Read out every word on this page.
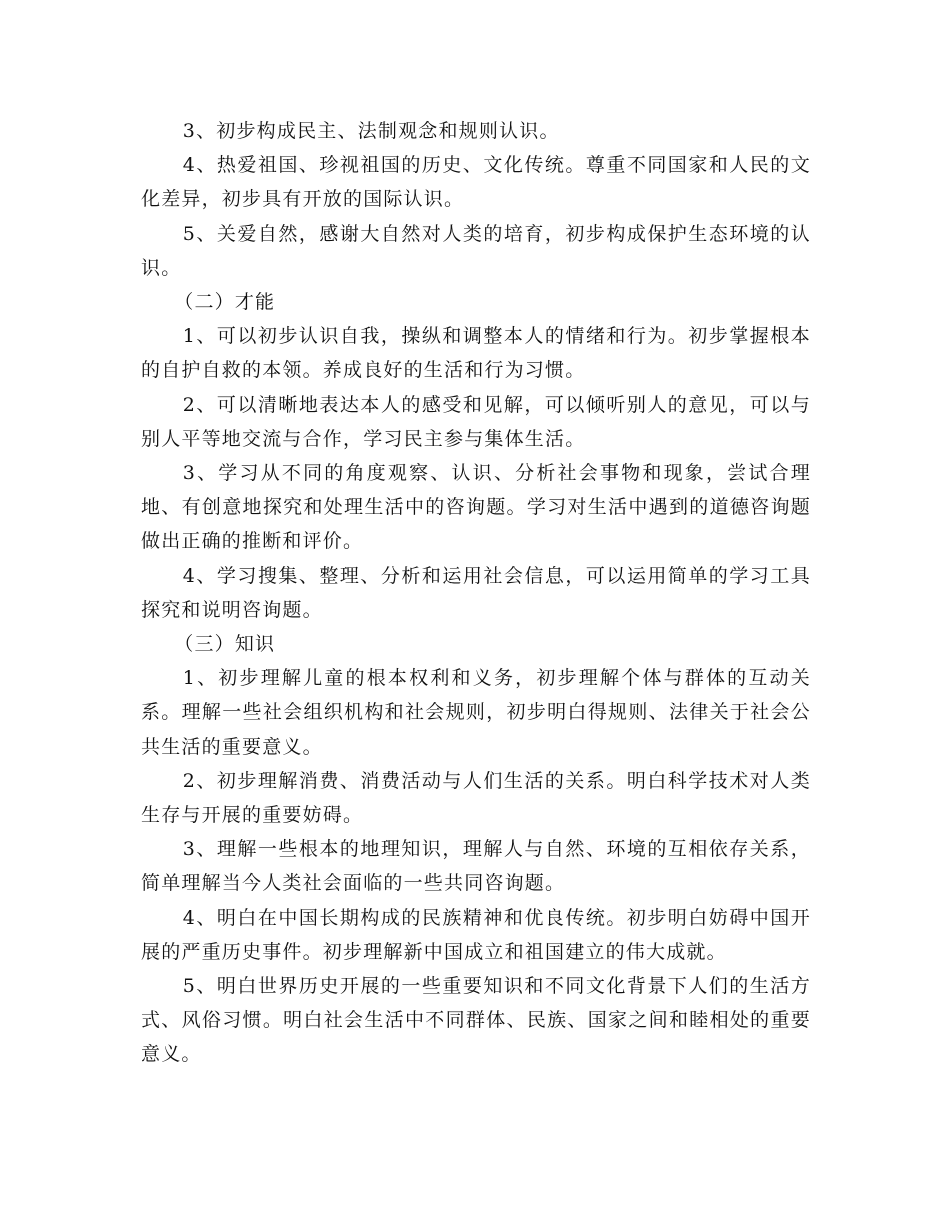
3、初步构成民主、法制观念和规则认识。

4、热爱祖国、珍视祖国的历史、文化传统。尊重不同国家和人民的文化差异，初步具有开放的国际认识。

5、关爱自然，感谢大自然对人类的培育，初步构成保护生态环境的认识。

（二）才能

1、可以初步认识自我，操纵和调整本人的情绪和行为。初步掌握根本的自护自救的本领。养成良好的生活和行为习惯。

2、可以清晰地表达本人的感受和见解，可以倾听别人的意见，可以与别人平等地交流与合作，学习民主参与集体生活。

3、学习从不同的角度观察、认识、分析社会事物和现象，尝试合理地、有创意地探究和处理生活中的咨询题。学习对生活中遇到的道德咨询题做出正确的推断和评价。

4、学习搜集、整理、分析和运用社会信息，可以运用简单的学习工具探究和说明咨询题。

（三）知识

1、初步理解儿童的根本权利和义务，初步理解个体与群体的互动关系。理解一些社会组织机构和社会规则，初步明白得规则、法律关于社会公共生活的重要意义。

2、初步理解消费、消费活动与人们生活的关系。明白科学技术对人类生存与开展的重要妨碍。

3、理解一些根本的地理知识，理解人与自然、环境的互相依存关系，简单理解当今人类社会面临的一些共同咨询题。

4、明白在中国长期构成的民族精神和优良传统。初步明白妨碍中国开展的严重历史事件。初步理解新中国成立和祖国建立的伟大成就。

5、明白世界历史开展的一些重要知识和不同文化背景下人们的生活方式、风俗习惯。明白社会生活中不同群体、民族、国家之间和睦相处的重要意义。
